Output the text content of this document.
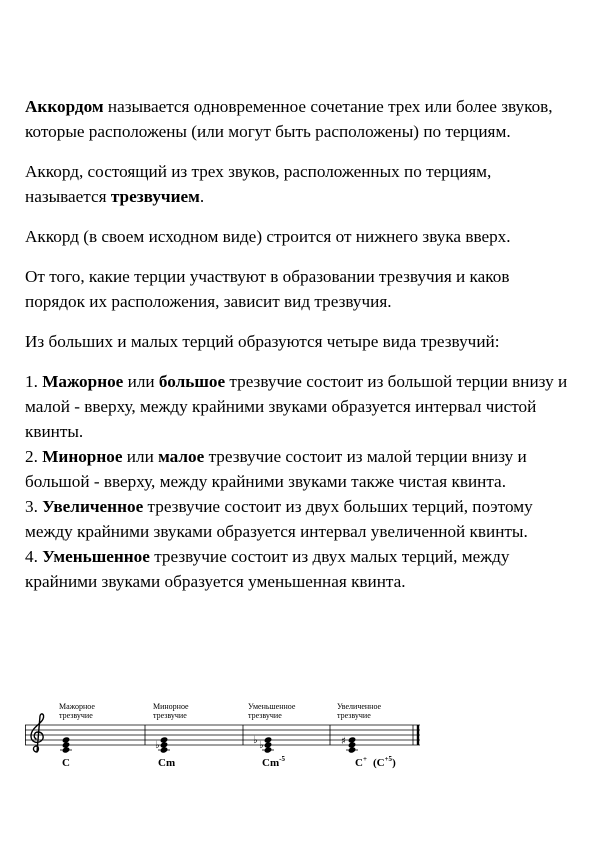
Аккордом называется одновременное сочетание трех или более звуков, которые расположены (или могут быть расположены) по терциям.

Аккорд, состоящий из трех звуков, расположенных по терциям, называется трезвучием.

Аккорд (в своем исходном виде) строится от нижнего звука вверх.

От того, какие терции участвуют в образовании трезвучия и каков порядок их расположения, зависит вид трезвучия.

Из больших и малых терций образуются четыре вида трезвучий:

1. Мажорное или большое трезвучие состоит из большой терции внизу и малой - вверху, между крайними звуками образуется интервал чистой квинты.

2. Минорное или малое трезвучие состоит из малой терции внизу и большой - вверху, между крайними звуками также чистая квинта.

3. Увеличенное трезвучие состоит из двух больших терций, поэтому между крайними звуками образуется интервал увеличенной квинты.

4. Уменьшенное трезвучие состоит из двух малых терций, между крайними звуками образуется уменьшенная квинта.

Мажорное
трезвучие
Минорное
трезвучие
Уменьшенное
трезвучие
Увеличенное
трезвучие
♭	♭ ♭	♯
C	Cm	$Cm^{-5}$	C+ $(C^{+5})$
